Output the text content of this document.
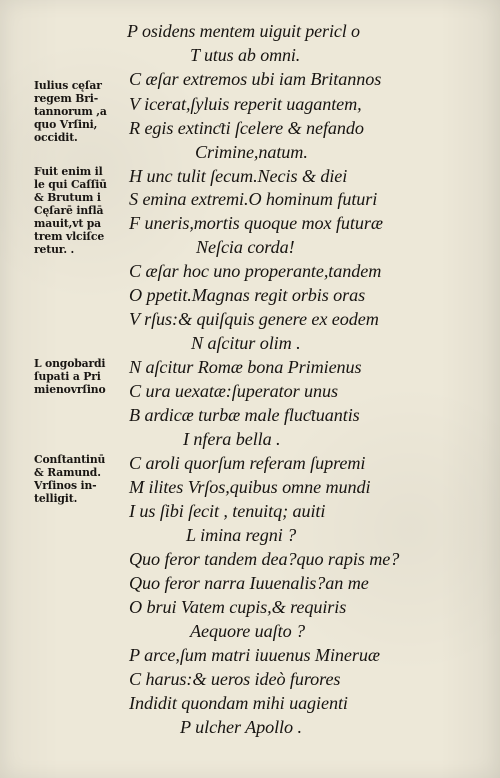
P osidens mentem uiguit pericl o
T utus ab omni.
C æſar extremos ubi iam Britannos
V icerat,ſyluis reperit uagantem,
R egis extinƈti ſcelere & nefando
Crimine,natum.
H unc tulit ſecum.Necis & diei
S emina extremi.O hominum futuri
F uneris,mortis quoque mox futuræ
Neſcia corda!
C æſar hoc uno properante,tandem
O ppetit.Magnas regit orbis oras
V rſus:& quiſquis genere ex eodem
N aſcitur olim .
N aſcitur Romæ bona Primienus
C ura uexatæ:ſuperator unus
B ardicæ turbæ male fluƈtuantis
I nfera bella .
C aroli quorſum referam ſupremi
M ilites Vrſos,quibus omne mundi
I us ſibi ſecit , tenuitq; auiti
L imina regni ?
Quo feror tandem dea?quo rapis me?
Quo feror narra Iuuenalis?an me
O brui Vatem cupis,& requiris
Aequore uaſto ?
P arce,ſum matri iuuenus Mineruæ
C harus:& ueros ideò furores
Indidit quondam mihi uagienti
P ulcher Apollo .
Iulius cęſar
regem Bri-
tannorum ,a
quo Vrſini,
occidit.
Fuit enim il
le qui Caſſiū
& Brutum i
Cęſarē inflā
mauit,vt pa
trem vlciſce
retur. .
L ongobardi
ſupati a Pri
mienovrſino
Conſtantinū
& Ramund.
Vrſinos in-
telligit.
